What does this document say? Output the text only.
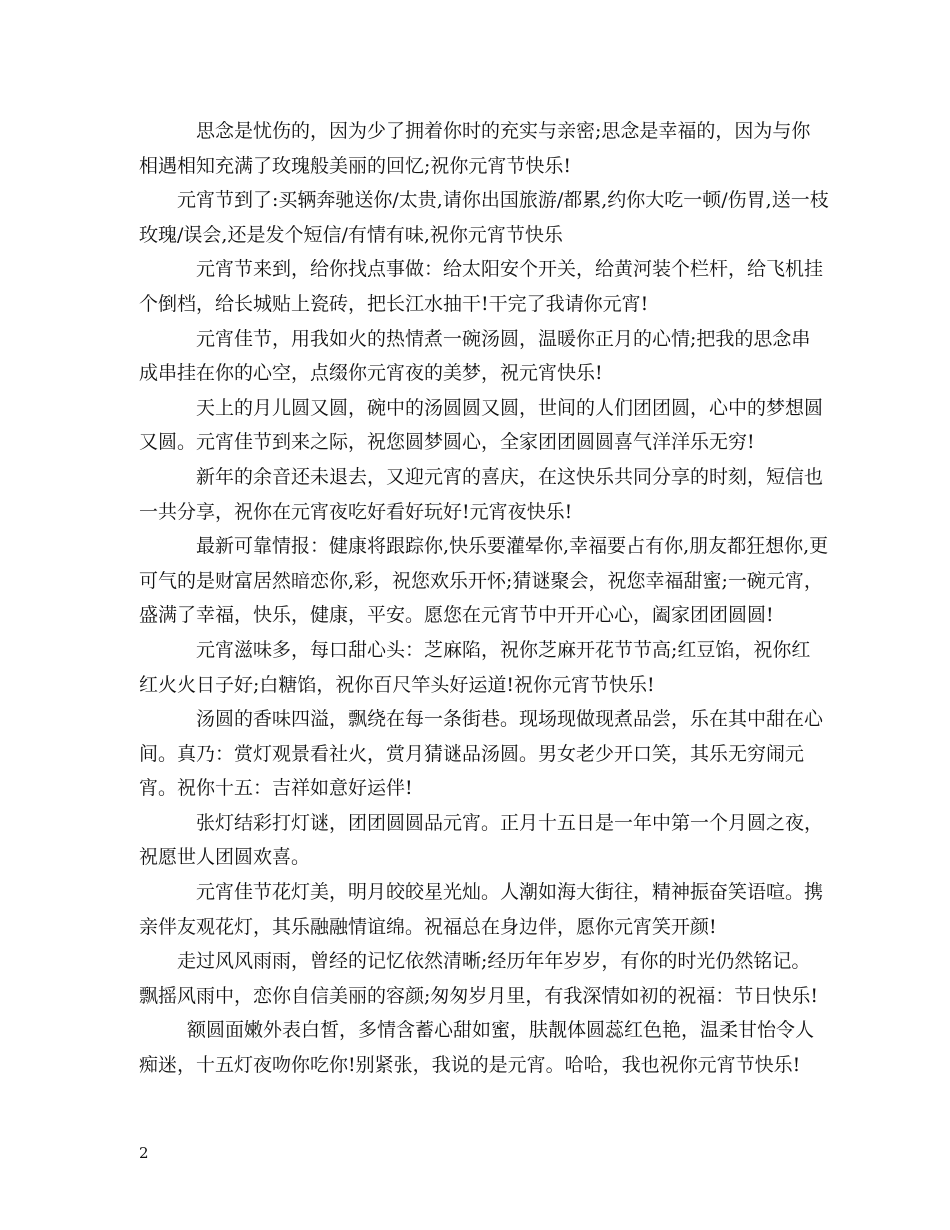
思念是忧伤的，因为少了拥着你时的充实与亲密;思念是幸福的，因为与你相遇相知充满了玫瑰般美丽的回忆;祝你元宵节快乐!

元宵节到了:买辆奔驰送你/太贵,请你出国旅游/都累,约你大吃一顿/伤胃,送一枝玫瑰/误会,还是发个短信/有情有味,祝你元宵节快乐

元宵节来到，给你找点事做：给太阳安个开关，给黄河装个栏杆，给飞机挂个倒档，给长城贴上瓷砖，把长江水抽干!干完了我请你元宵!

元宵佳节，用我如火的热情煮一碗汤圆，温暖你正月的心情;把我的思念串成串挂在你的心空，点缀你元宵夜的美梦，祝元宵快乐!

天上的月儿圆又圆，碗中的汤圆圆又圆，世间的人们团团圆，心中的梦想圆又圆。元宵佳节到来之际，祝您圆梦圆心，全家团团圆圆喜气洋洋乐无穷!

新年的余音还未退去，又迎元宵的喜庆，在这快乐共同分享的时刻，短信也一共分享，祝你在元宵夜吃好看好玩好!元宵夜快乐!

最新可靠情报：健康将跟踪你,快乐要灌晕你,幸福要占有你,朋友都狂想你,更可气的是财富居然暗恋你,彩，祝您欢乐开怀;猜谜聚会，祝您幸福甜蜜;一碗元宵，盛满了幸福，快乐，健康，平安。愿您在元宵节中开开心心，阖家团团圆圆!

元宵滋味多，每口甜心头：芝麻陷，祝你芝麻开花节节高;红豆馅，祝你红红火火日子好;白糖馅，祝你百尺竿头好运道!祝你元宵节快乐!

汤圆的香味四溢，飘绕在每一条街巷。现场现做现煮品尝，乐在其中甜在心间。真乃：赏灯观景看社火，赏月猜谜品汤圆。男女老少开口笑，其乐无穷闹元宵。祝你十五：吉祥如意好运伴!

张灯结彩打灯谜，团团圆圆品元宵。正月十五日是一年中第一个月圆之夜，祝愿世人团圆欢喜。

元宵佳节花灯美，明月皎皎星光灿。人潮如海大街往，精神振奋笑语喧。携亲伴友观花灯，其乐融融情谊绵。祝福总在身边伴，愿你元宵笑开颜!

走过风风雨雨，曾经的记忆依然清晰;经历年年岁岁，有你的时光仍然铭记。飘摇风雨中，恋你自信美丽的容颜;匆匆岁月里，有我深情如初的祝福：节日快乐!

额圆面嫩外表白皙，多情含蓄心甜如蜜，肤靓体圆蕊红色艳，温柔甘怡令人痴迷，十五灯夜吻你吃你!别紧张，我说的是元宵。哈哈，我也祝你元宵节快乐!

2
